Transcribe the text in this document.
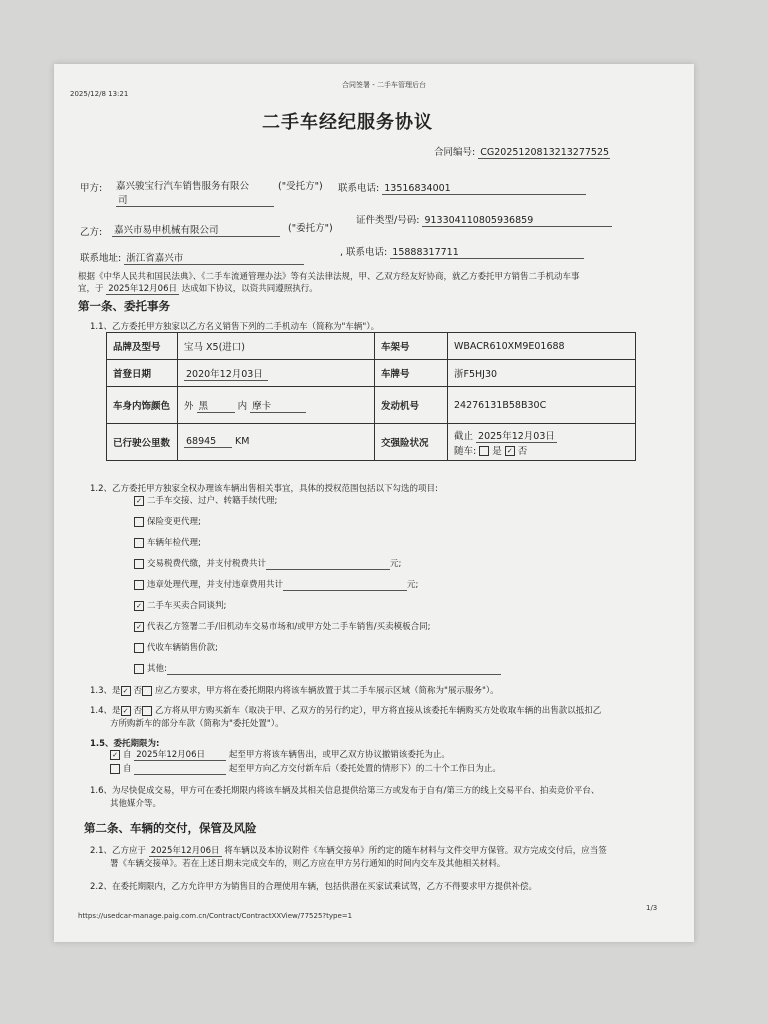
2025/12/8 13:21
合同签署 - 二手车管理后台
二手车经纪服务协议
合同编号: CG2025120813213277525
甲方: 嘉兴骏宝行汽车销售服务有限公
司
("受托方") 联系电话: 13516834001
乙方: 嘉兴市易申机械有限公司	("委托方")
证件类型/号码: 913304110805936859
联系地址: 浙江省嘉兴市
, 联系电话: 15888317711
根据《中华人民共和国民法典》、《二手车流通管理办法》等有关法律法规，甲、乙双方经友好协商，就乙方委托甲方销售二手机动车事
宜，于 2025年12月06日 达成如下协议，以资共同遵照执行。
第一条、委托事务
1.1、乙方委托甲方独家以乙方名义销售下列的二手机动车（简称为"车辆"）。
品牌及型号	宝马 X5(进口)	车架号	WBACR610XM9E01688
首登日期	2020年12月03日	车牌号	浙F5HJ30
车身内饰颜色	外 黑 内 摩卡	发动机号	24276131B58B30C
已行驶公里数	68945 KM	交强险状况	截止 2025年12月03日
随车: 是 ✓ 否
1.2、乙方委托甲方独家全权办理该车辆出售相关事宜，具体的授权范围包括以下勾选的项目:
✓ 二手车交接、过户、转籍手续代理;
保险变更代理;
车辆年检代理;
交易税费代缴，并支付税费共计	元;
违章处理代理，并支付违章费用共计	元;
✓ 二手车买卖合同谈判;
✓ 代表乙方签署二手/旧机动车交易市场和/或甲方处二手车销售/买卖模板合同;
代收车辆销售价款;
其他:
1.3、是 ✓ 否 应乙方要求，甲方将在委托期限内将该车辆放置于其二手车展示区域（简称为"展示服务"）。
1.4、是 ✓ 否 乙方将从甲方购买新车（取决于甲、乙双方的另行约定），甲方将直接从该委托车辆购买方处收取车辆的出售款以抵扣乙
方所购新车的部分车款（简称为"委托处置"）。
1.5、委托期限为:
✓ 自 2025年12月06日	起至甲方将该车辆售出，或甲乙双方协议撤销该委托为止。
自	起至甲方向乙方交付新车后（委托处置的情形下）的二十个工作日为止。
1.6、为尽快促成交易，甲方可在委托期限内将该车辆及其相关信息提供给第三方或发布于自有/第三方的线上交易平台、拍卖竞价平台、
其他媒介等。
第二条、车辆的交付，保管及风险
2.1、乙方应于 2025年12月06日 将车辆以及本协议附件《车辆交接单》所约定的随车材料与文件交甲方保管。双方完成交付后，应当签
署《车辆交接单》。若在上述日期未完成交车的，则乙方应在甲方另行通知的时间内交车及其他相关材料。
2.2、在委托期限内，乙方允许甲方为销售目的合理使用车辆，包括供潜在买家试乘试驾，乙方不得要求甲方提供补偿。
1/3
https://usedcar-manage.paig.com.cn/Contract/ContractXXView/77525?type=1
